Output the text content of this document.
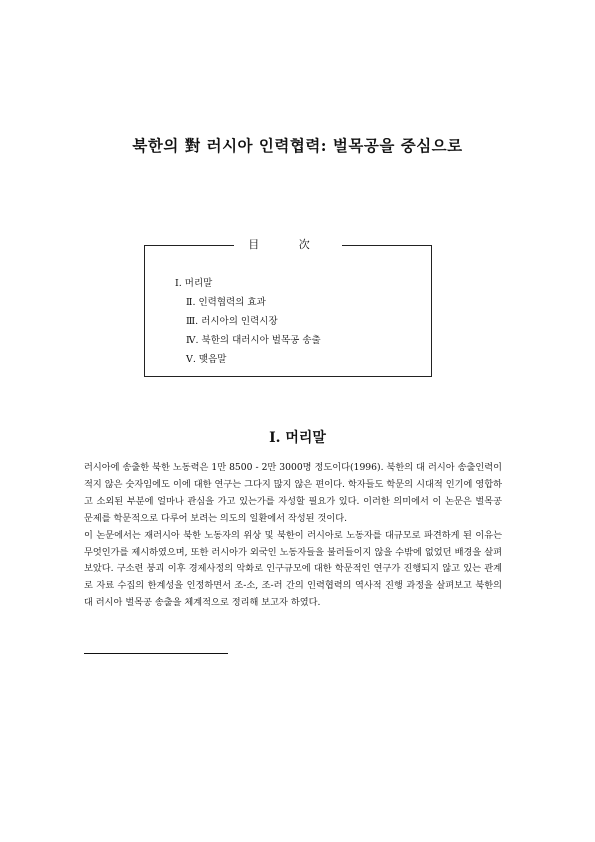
북한의 對 러시아 인력협력: 벌목공을 중심으로
目 次
Ⅰ. 머리말
Ⅱ. 인력협력의 효과
Ⅲ. 러시아의 인력시장
Ⅳ. 북한의 대러시아 벌목공 송출
Ⅴ. 맺음말
Ⅰ. 머리말

러시아에 송출한 북한 노동력은 1만 8500 - 2만 3000명 정도이다(1996). 북한의 대 러시아 송출인력이 적지 않은 숫자임에도 이에 대한 연구는 그다지 많지 않은 편이다. 학자들도 학문의 시대적 인기에 영합하고 소외된 부분에 얼마나 관심을 가고 있는가를 자성할 필요가 있다. 이러한 의미에서 이 논문은 벌목공 문제를 학문적으로 다루어 보려는 의도의 일환에서 작성된 것이다.

이 논문에서는 재러시아 북한 노동자의 위상 및 북한이 러시아로 노동자를 대규모로 파견하게 된 이유는 무엇인가를 제시하였으며, 또한 러시아가 외국인 노동자들을 불러들이지 않을 수밖에 없었던 배경을 살펴보았다. 구소련 붕괴 이후 경제사정의 악화로 인구규모에 대한 학문적인 연구가 진행되지 않고 있는 관계로 자료 수집의 한계성을 인정하면서 조-소, 조-러 간의 인력협력의 역사적 진행 과정을 살펴보고 북한의 대 러시아 벌목공 송출을 체계적으로 정리해 보고자 하였다.
